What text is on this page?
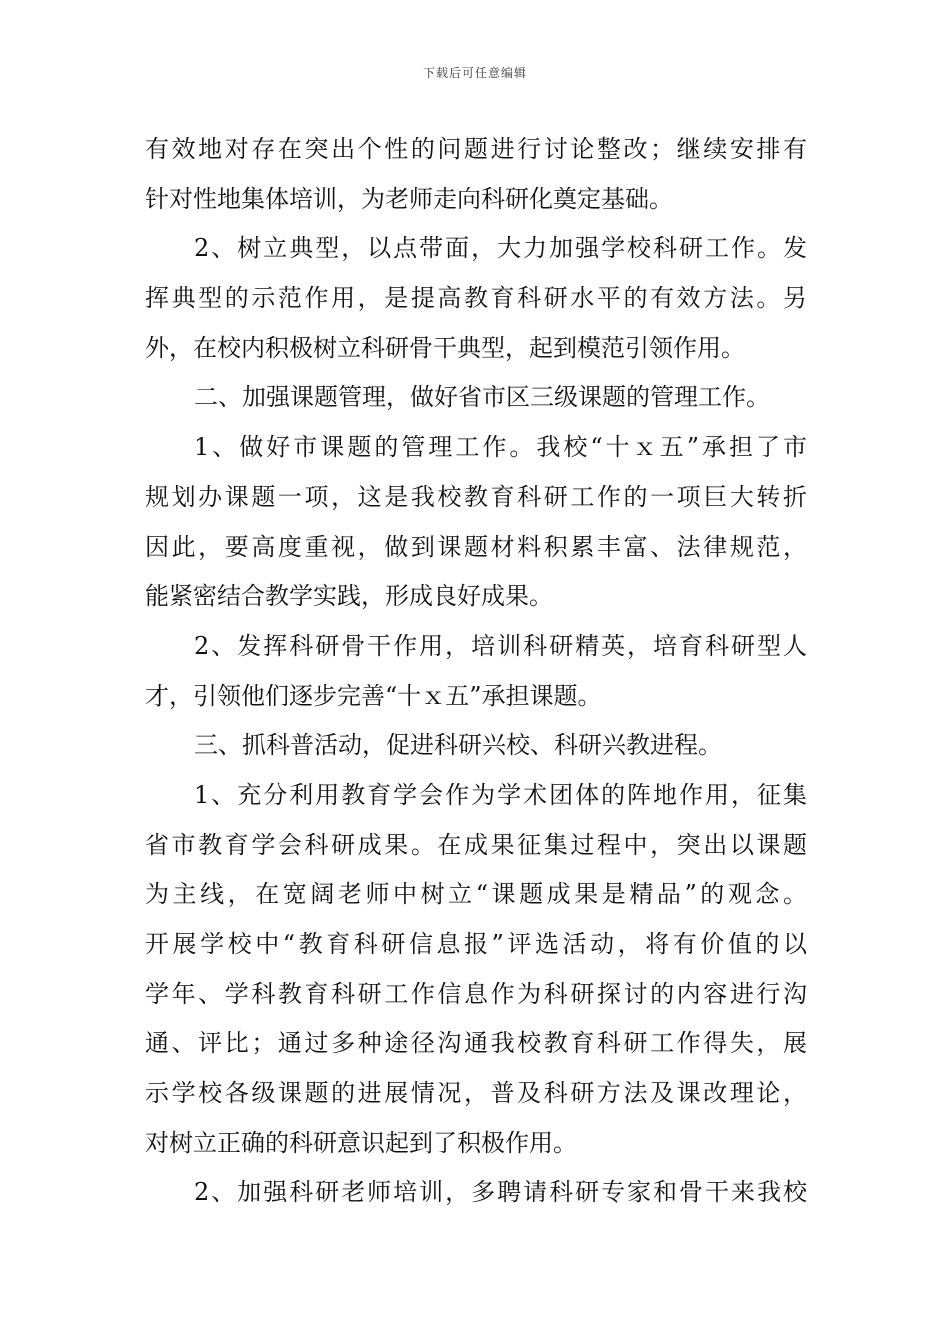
下载后可任意编辑
有效地对存在突出个性的问题进行讨论整改；继续安排有
针对性地集体培训，为老师走向科研化奠定基础。
2、树立典型，以点带面，大力加强学校科研工作。发
挥典型的示范作用，是提高教育科研水平的有效方法。另
外，在校内积极树立科研骨干典型，起到模范引领作用。
二、加强课题管理，做好省市区三级课题的管理工作。
1、做好市课题的管理工作。我校“十ｘ五”承担了市
规划办课题一项，这是我校教育科研工作的一项巨大转折
因此，要高度重视，做到课题材料积累丰富、法律规范，
能紧密结合教学实践，形成良好成果。
2、发挥科研骨干作用，培训科研精英，培育科研型人
才，引领他们逐步完善“十ｘ五”承担课题。
三、抓科普活动，促进科研兴校、科研兴教进程。
1、充分利用教育学会作为学术团体的阵地作用，征集
省市教育学会科研成果。在成果征集过程中，突出以课题
为主线，在宽阔老师中树立“课题成果是精品”的观念。
开展学校中“教育科研信息报”评选活动，将有价值的以
学年、学科教育科研工作信息作为科研探讨的内容进行沟
通、评比；通过多种途径沟通我校教育科研工作得失，展
示学校各级课题的进展情况，普及科研方法及课改理论，
对树立正确的科研意识起到了积极作用。
2、加强科研老师培训，多聘请科研专家和骨干来我校
